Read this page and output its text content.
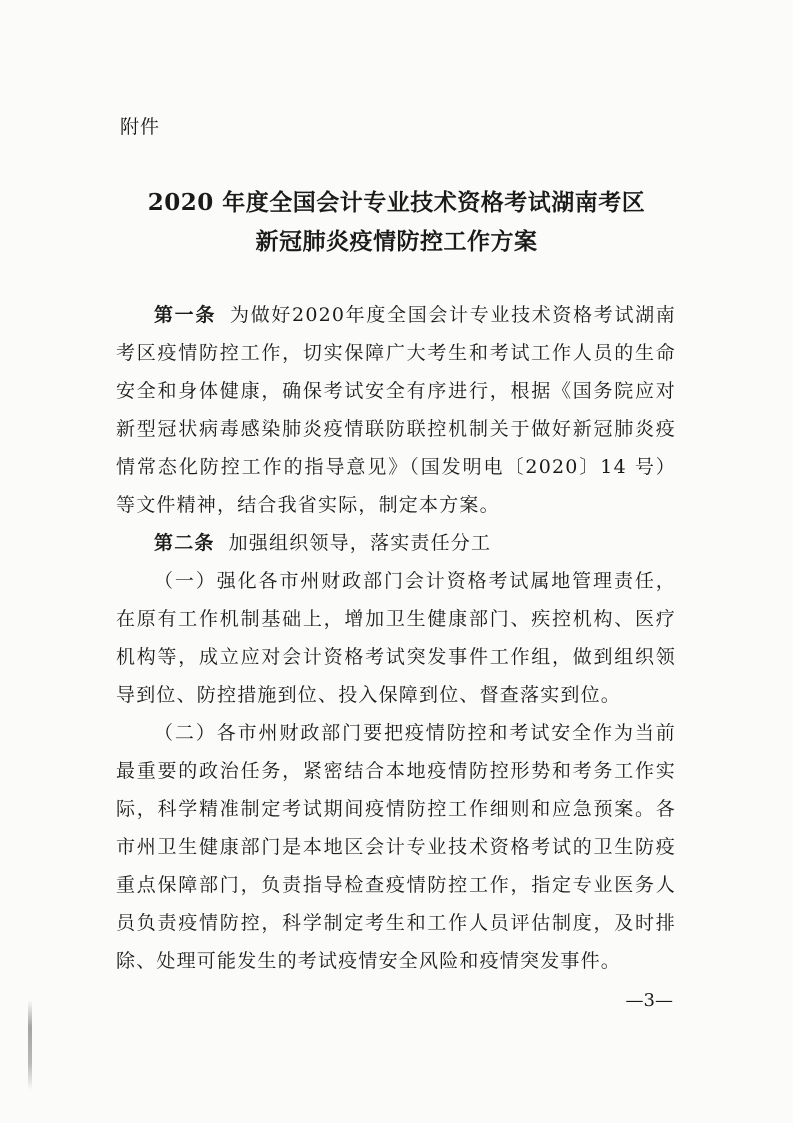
附件
2020 年度全国会计专业技术资格考试湖南考区
新冠肺炎疫情防控工作方案

第一条 为做好2020年度全国会计专业技术资格考试湖南考区疫情防控工作，切实保障广大考生和考试工作人员的生命安全和身体健康，确保考试安全有序进行，根据《国务院应对新型冠状病毒感染肺炎疫情联防联控机制关于做好新冠肺炎疫情常态化防控工作的指导意见》（国发明电〔2020〕14 号）等文件精神，结合我省实际，制定本方案。

第二条 加强组织领导，落实责任分工

（一）强化各市州财政部门会计资格考试属地管理责任，在原有工作机制基础上，增加卫生健康部门、疾控机构、医疗机构等，成立应对会计资格考试突发事件工作组，做到组织领导到位、防控措施到位、投入保障到位、督查落实到位。

（二）各市州财政部门要把疫情防控和考试安全作为当前最重要的政治任务，紧密结合本地疫情防控形势和考务工作实际，科学精准制定考试期间疫情防控工作细则和应急预案。各市州卫生健康部门是本地区会计专业技术资格考试的卫生防疫重点保障部门，负责指导检查疫情防控工作，指定专业医务人员负责疫情防控，科学制定考生和工作人员评估制度，及时排除、处理可能发生的考试疫情安全风险和疫情突发事件。

—3—
